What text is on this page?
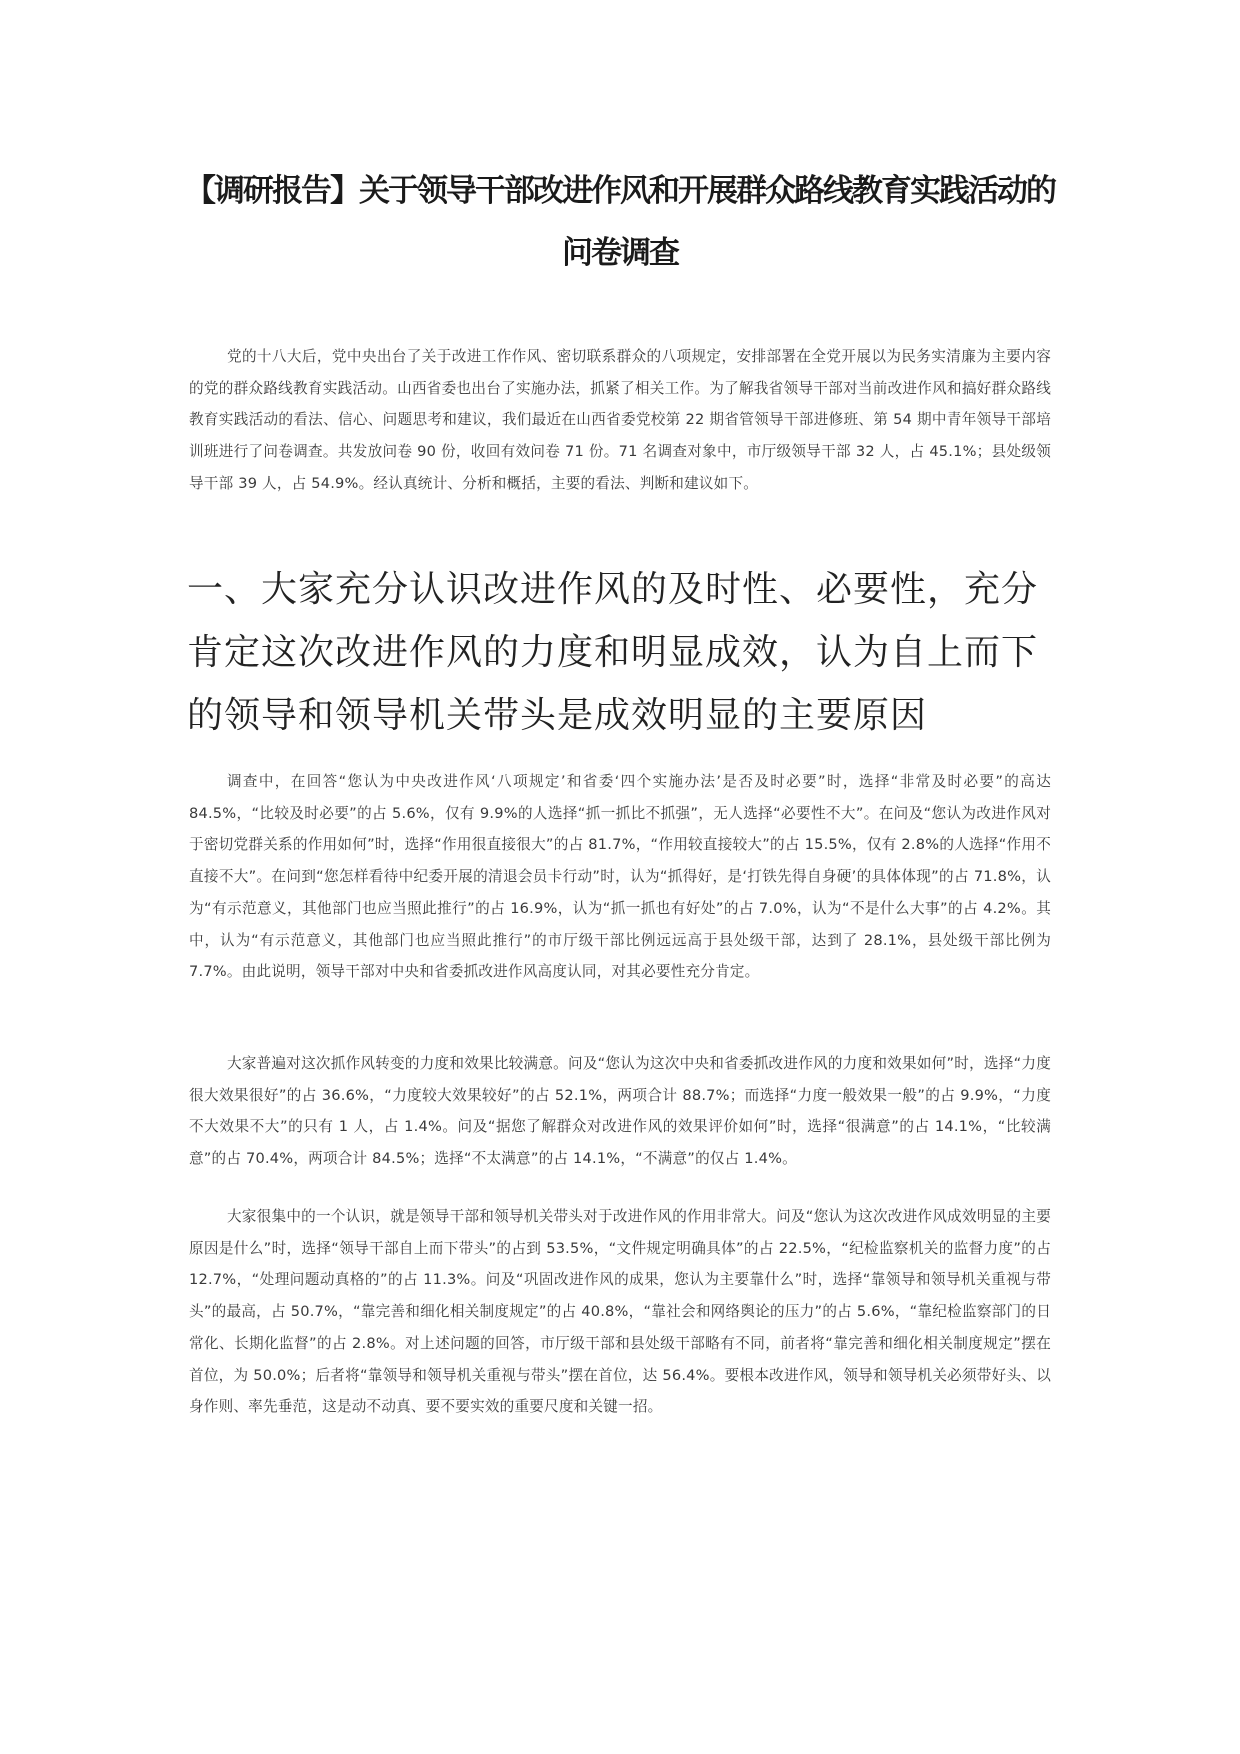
【调研报告】关于领导干部改进作风和开展群众路线教育实践活动的
问卷调查

党的十八大后，党中央出台了关于改进工作作风、密切联系群众的八项规定，安排部署在全党开展以为民务实清廉为主要内容的党的群众路线教育实践活动。山西省委也出台了实施办法，抓紧了相关工作。为了解我省领导干部对当前改进作风和搞好群众路线教育实践活动的看法、信心、问题思考和建议，我们最近在山西省委党校第 22 期省管领导干部进修班、第 54 期中青年领导干部培训班进行了问卷调查。共发放问卷 90 份，收回有效问卷 71 份。71 名调查对象中，市厅级领导干部 32 人，占 45.1%；县处级领导干部 39 人，占 54.9%。经认真统计、分析和概括，主要的看法、判断和建议如下。

一、大家充分认识改进作风的及时性、必要性，充分
肯定这次改进作风的力度和明显成效，认为自上而下
的领导和领导机关带头是成效明显的主要原因

调查中，在回答“您认为中央改进作风‘八项规定’和省委‘四个实施办法’是否及时必要”时，选择“非常及时必要”的高达 84.5%，“比较及时必要”的占 5.6%，仅有 9.9%的人选择“抓一抓比不抓强”，无人选择“必要性不大”。在问及“您认为改进作风对于密切党群关系的作用如何”时，选择“作用很直接很大”的占 81.7%，“作用较直接较大”的占 15.5%，仅有 2.8%的人选择“作用不直接不大”。在问到“您怎样看待中纪委开展的清退会员卡行动”时，认为“抓得好，是‘打铁先得自身硬’的具体体现”的占 71.8%，认为“有示范意义，其他部门也应当照此推行”的占 16.9%，认为“抓一抓也有好处”的占 7.0%，认为“不是什么大事”的占 4.2%。其中，认为“有示范意义，其他部门也应当照此推行”的市厅级干部比例远远高于县处级干部，达到了 28.1%，县处级干部比例为 7.7%。由此说明，领导干部对中央和省委抓改进作风高度认同，对其必要性充分肯定。

大家普遍对这次抓作风转变的力度和效果比较满意。问及“您认为这次中央和省委抓改进作风的力度和效果如何”时，选择“力度很大效果很好”的占 36.6%，“力度较大效果较好”的占 52.1%，两项合计 88.7%；而选择“力度一般效果一般”的占 9.9%，“力度不大效果不大”的只有 1 人，占 1.4%。问及“据您了解群众对改进作风的效果评价如何”时，选择“很满意”的占 14.1%，“比较满意”的占 70.4%，两项合计 84.5%；选择“不太满意”的占 14.1%，“不满意”的仅占 1.4%。

大家很集中的一个认识，就是领导干部和领导机关带头对于改进作风的作用非常大。问及“您认为这次改进作风成效明显的主要原因是什么”时，选择“领导干部自上而下带头”的占到 53.5%，“文件规定明确具体”的占 22.5%，“纪检监察机关的监督力度”的占 12.7%，“处理问题动真格的”的占 11.3%。问及“巩固改进作风的成果，您认为主要靠什么”时，选择“靠领导和领导机关重视与带头”的最高，占 50.7%，“靠完善和细化相关制度规定”的占 40.8%，“靠社会和网络舆论的压力”的占 5.6%，“靠纪检监察部门的日常化、长期化监督”的占 2.8%。对上述问题的回答，市厅级干部和县处级干部略有不同，前者将“靠完善和细化相关制度规定”摆在首位，为 50.0%；后者将“靠领导和领导机关重视与带头”摆在首位，达 56.4%。要根本改进作风，领导和领导机关必须带好头、以身作则、率先垂范，这是动不动真、要不要实效的重要尺度和关键一招。
